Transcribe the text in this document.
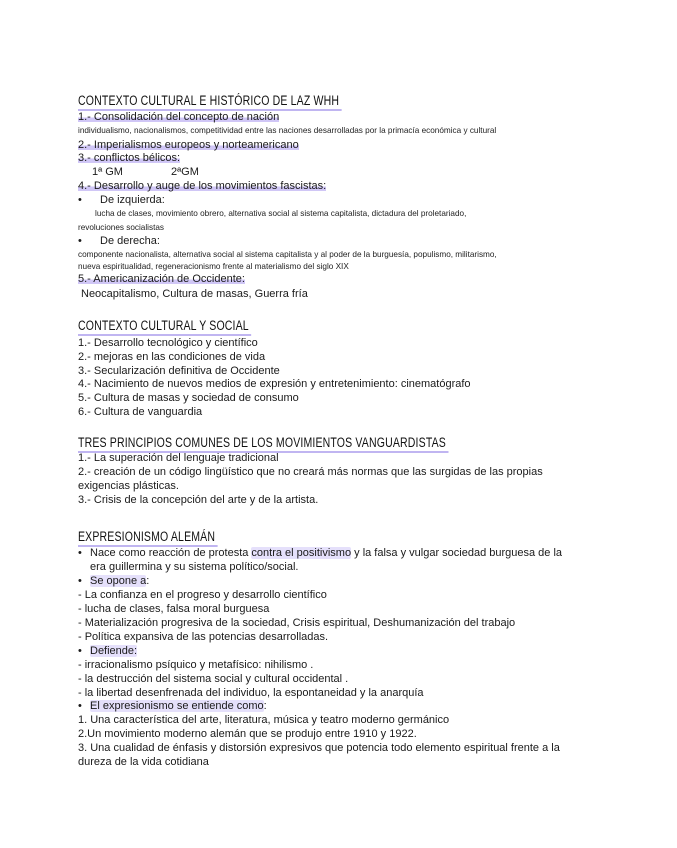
CONTEXTO CULTURAL E HISTÓRICO DE LAZ WHH
1.- Consolidación del concepto de nación
individualismo, nacionalismos, competitividad entre las naciones desarrolladas por la primacía económica y cultural
2.- Imperialismos europeos y norteamericano
3.- conflictos bélicos:
1ª GM	2ªGM
4.- Desarrollo y auge de los movimientos fascistas:
• De izquierda:
lucha de clases, movimiento obrero, alternativa social al sistema capitalista, dictadura del proletariado,
revoluciones socialistas
• De derecha:
componente nacionalista, alternativa social al sistema capitalista y al poder de la burguesía, populismo, militarismo,
nueva espiritualidad, regeneracionismo frente al materialismo del siglo XIX
5.- Americanización de Occidente:
Neocapitalismo, Cultura de masas, Guerra fría
CONTEXTO CULTURAL Y SOCIAL
1.- Desarrollo tecnológico y científico
2.- mejoras en las condiciones de vida
3.- Secularización definitiva de Occidente
4.- Nacimiento de nuevos medios de expresión y entretenimiento: cinematógrafo
5.- Cultura de masas y sociedad de consumo
6.- Cultura de vanguardia
TRES PRINCIPIOS COMUNES DE LOS MOVIMIENTOS VANGUARDISTAS
1.- La superación del lenguaje tradicional
2.- creación de un código lingüístico que no creará más normas que las surgidas de las propias
exigencias plásticas.
3.- Crisis de la concepción del arte y de la artista.
EXPRESIONISMO ALEMÁN
• Nace como reacción de protesta contra el positivismo y la falsa y vulgar sociedad burguesa de la
era guillermina y su sistema político/social.
• Se opone a:
- La confianza en el progreso y desarrollo científico
- lucha de clases, falsa moral burguesa
- Materialización progresiva de la sociedad, Crisis espiritual, Deshumanización del trabajo
- Política expansiva de las potencias desarrolladas.
• Defiende:
- irracionalismo psíquico y metafísico: nihilismo .
- la destrucción del sistema social y cultural occidental .
- la libertad desenfrenada del individuo, la espontaneidad y la anarquía
• El expresionismo se entiende como:
1. Una característica del arte, literatura, música y teatro moderno germánico
2.Un movimiento moderno alemán que se produjo entre 1910 y 1922.
3. Una cualidad de énfasis y distorsión expresivos que potencia todo elemento espiritual frente a la
dureza de la vida cotidiana
